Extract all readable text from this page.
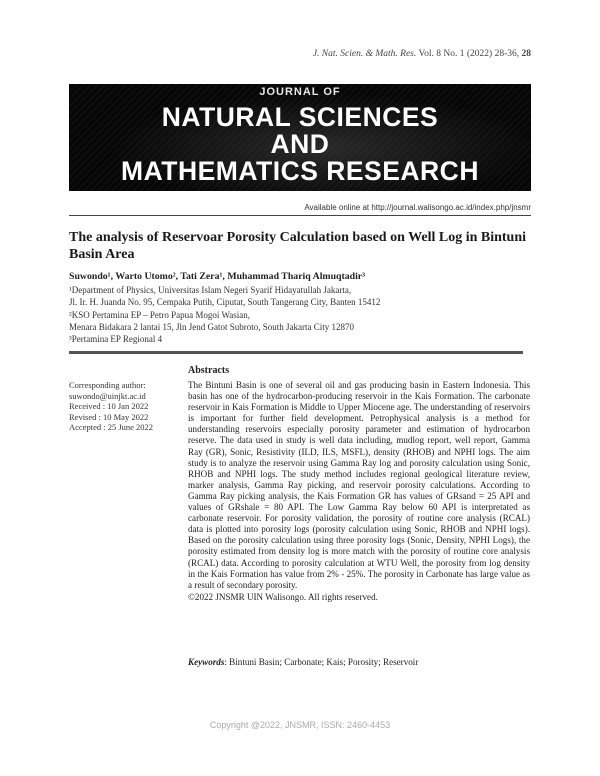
J. Nat. Scien. & Math. Res. Vol. 8 No. 1 (2022) 28-36, 28
JOURNAL OF
NATURAL SCIENCES
AND
MATHEMATICS RESEARCH
Available online at http://journal.walisongo.ac.id/index.php/jnsmr
The analysis of Reservoar Porosity Calculation based on Well Log in Bintuni Basin Area
Suwondo¹, Warto Utomo², Tati Zera¹, Muhammad Thariq Almuqtadir³
¹Department of Physics, Universitas Islam Negeri Syarif Hidayatullah Jakarta,
Jl. Ir. H. Juanda No. 95, Cempaka Putih, Ciputat, South Tangerang City, Banten 15412
²KSO Pertamina EP – Petro Papua Mogoi Wasian,
Menara Bidakara 2 lantai 15, Jln Jend Gatot Subroto, South Jakarta City 12870
³Pertamina EP Regional 4
Abstracts
Corresponding author:
suwondo@uinjkt.ac.id
Received : 10 Jan 2022
Revised : 10 May 2022
Accepted : 25 June 2022
The Bintuni Basin is one of several oil and gas producing basin in Eastern Indonesia. This basin has one of the hydrocarbon-producing reservoir in the Kais Formation. The carbonate reservoir in Kais Formation is Middle to Upper Miocene age. The understanding of reservoirs is important for further field development. Petrophysical analysis is a method for understanding reservoirs especially porosity parameter and estimation of hydrocarbon reserve. The data used in study is well data including, mudlog report, well report, Gamma Ray (GR), Sonic, Resistivity (ILD, ILS, MSFL), density (RHOB) and NPHI logs. The aim study is to analyze the reservoir using Gamma Ray log and porosity calculation using Sonic, RHOB and NPHI logs. The study method includes regional geological literature review, marker analysis, Gamma Ray picking, and reservoir porosity calculations. According to Gamma Ray picking analysis, the Kais Formation GR has values of GRsand = 25 API and values of GRshale = 80 API. The Low Gamma Ray below 60 API is interpretated as carbonate reservoir. For porosity validation, the porosity of routine core analysis (RCAL) data is plotted into porosity logs (porosity calculation using Sonic, RHOB and NPHI logs). Based on the porosity calculation using three porosity logs (Sonic, Density, NPHI Logs), the porosity estimated from density log is more match with the porosity of routine core analysis (RCAL) data. According to porosity calculation at WTU Well, the porosity from log density in the Kais Formation has value from 2% - 25%. The porosity in Carbonate has large value as a result of secondary porosity.
©2022 JNSMR UIN Walisongo. All rights reserved.
Keywords: Bintuni Basin; Carbonate; Kais; Porosity; Reservoir
Copyright @2022, JNSMR, ISSN: 2460-4453
